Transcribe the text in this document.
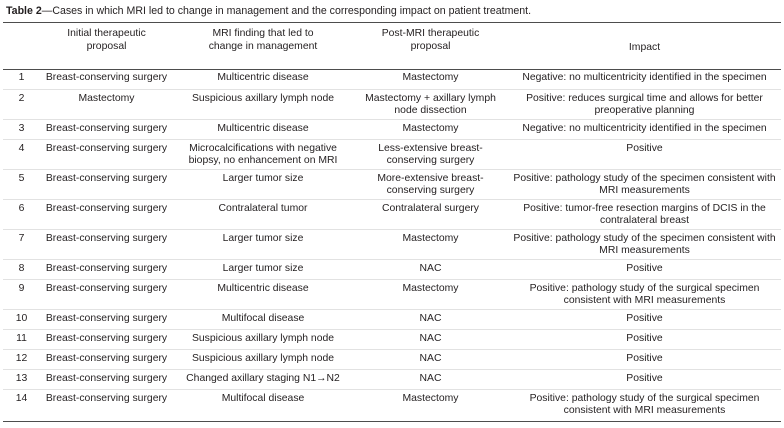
Table 2—Cases in which MRI led to change in management and the corresponding impact on patient treatment.
	Initial therapeutic proposal	MRI finding that led to change in management	Post-MRI therapeutic proposal	Impact
1	Breast-conserving surgery	Multicentric disease	Mastectomy	Negative: no multicentricity identified in the specimen
2	Mastectomy	Suspicious axillary lymph node	Mastectomy + axillary lymph node dissection	Positive: reduces surgical time and allows for better preoperative planning
3	Breast-conserving surgery	Multicentric disease	Mastectomy	Negative: no multicentricity identified in the specimen
4	Breast-conserving surgery	Microcalcifications with negative biopsy, no enhancement on MRI	Less-extensive breast-conserving surgery	Positive
5	Breast-conserving surgery	Larger tumor size	More-extensive breast-conserving surgery	Positive: pathology study of the specimen consistent with MRI measurements
6	Breast-conserving surgery	Contralateral tumor	Contralateral surgery	Positive: tumor-free resection margins of DCIS in the contralateral breast
7	Breast-conserving surgery	Larger tumor size	Mastectomy	Positive: pathology study of the specimen consistent with MRI measurements
8	Breast-conserving surgery	Larger tumor size	NAC	Positive
9	Breast-conserving surgery	Multicentric disease	Mastectomy	Positive: pathology study of the surgical specimen consistent with MRI measurements
10	Breast-conserving surgery	Multifocal disease	NAC	Positive
11	Breast-conserving surgery	Suspicious axillary lymph node	NAC	Positive
12	Breast-conserving surgery	Suspicious axillary lymph node	NAC	Positive
13	Breast-conserving surgery	Changed axillary staging N1→N2	NAC	Positive
14	Breast-conserving surgery	Multifocal disease	Mastectomy	Positive: pathology study of the surgical specimen consistent with MRI measurements
